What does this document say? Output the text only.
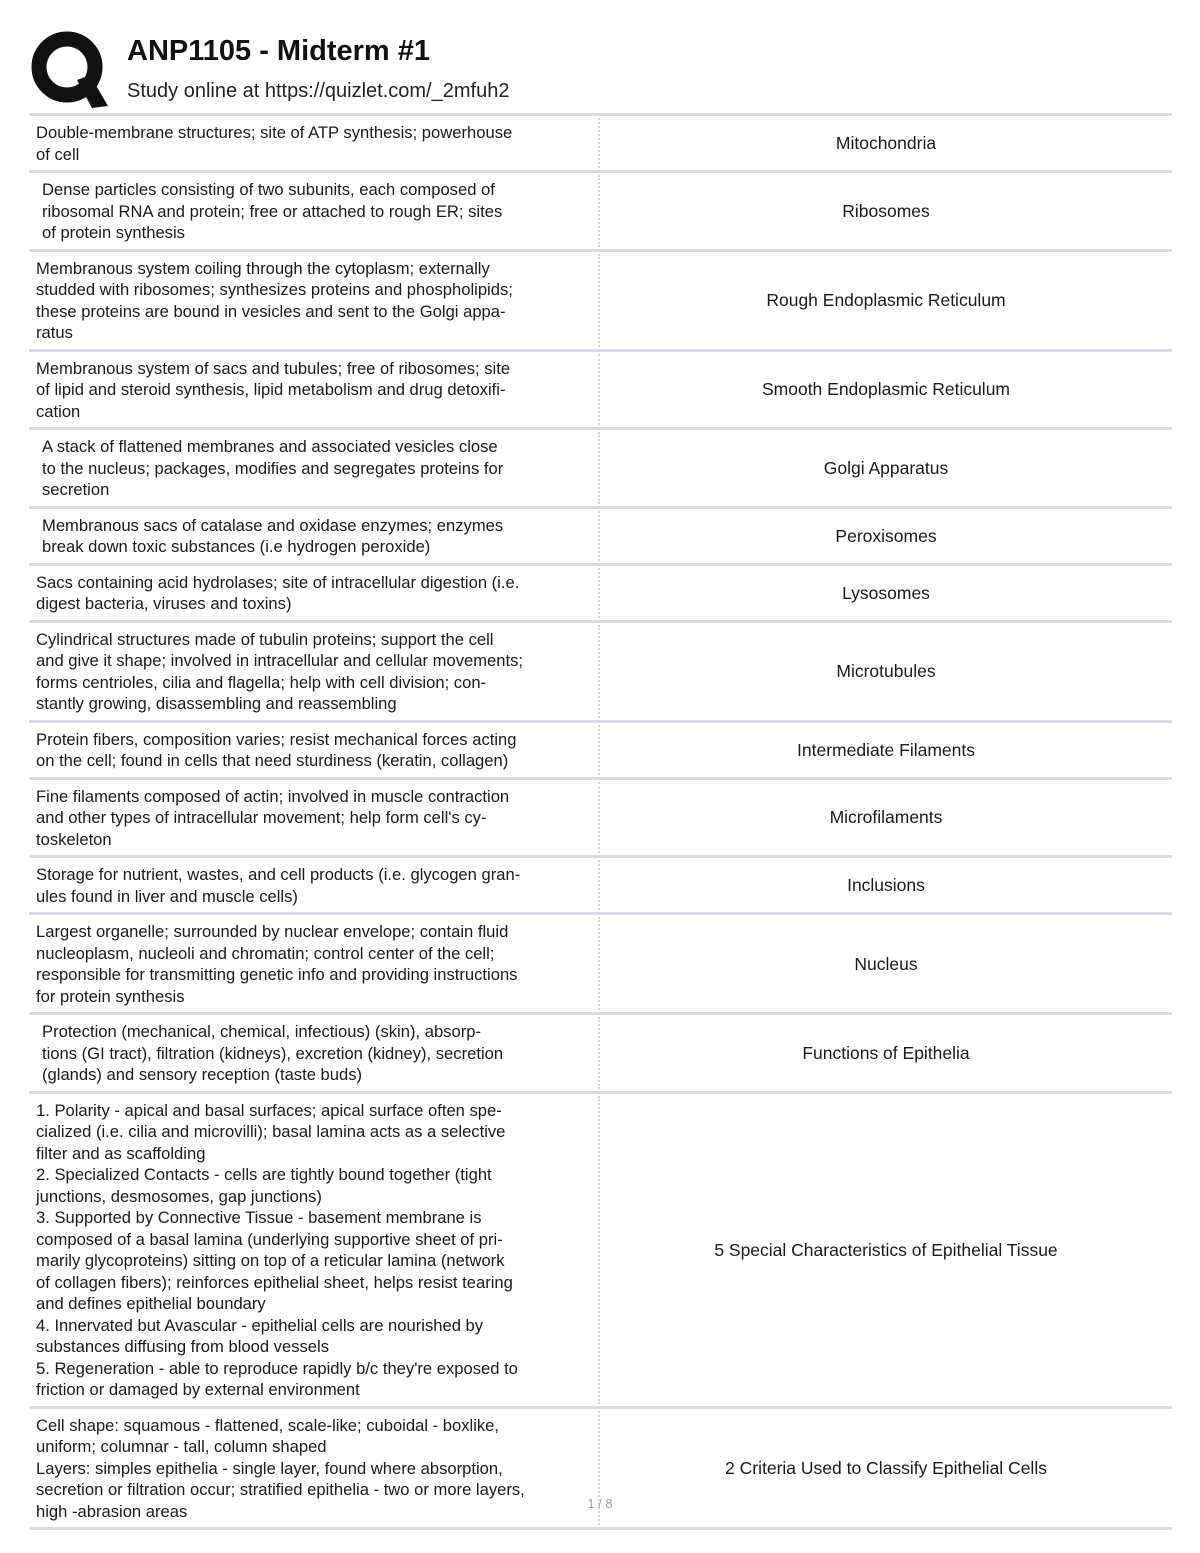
ANP1105 - Midterm #1
Study online at https://quizlet.com/_2mfuh2
Double-membrane structures; site of ATP synthesis; powerhouse
of cell
Mitochondria
Dense particles consisting of two subunits, each composed of
ribosomal RNA and protein; free or attached to rough ER; sites
of protein synthesis
Ribosomes
Membranous system coiling through the cytoplasm; externally
studded with ribosomes; synthesizes proteins and phospholipids;
these proteins are bound in vesicles and sent to the Golgi appa-
ratus
Rough Endoplasmic Reticulum
Membranous system of sacs and tubules; free of ribosomes; site
of lipid and steroid synthesis, lipid metabolism and drug detoxifi-
cation
Smooth Endoplasmic Reticulum
A stack of flattened membranes and associated vesicles close
to the nucleus; packages, modifies and segregates proteins for
secretion
Golgi Apparatus
Membranous sacs of catalase and oxidase enzymes; enzymes
break down toxic substances (i.e hydrogen peroxide)
Peroxisomes
Sacs containing acid hydrolases; site of intracellular digestion (i.e.
digest bacteria, viruses and toxins)
Lysosomes
Cylindrical structures made of tubulin proteins; support the cell
and give it shape; involved in intracellular and cellular movements;
forms centrioles, cilia and flagella; help with cell division; con-
stantly growing, disassembling and reassembling
Microtubules
Protein fibers, composition varies; resist mechanical forces acting
on the cell; found in cells that need sturdiness (keratin, collagen)
Intermediate Filaments
Fine filaments composed of actin; involved in muscle contraction
and other types of intracellular movement; help form cell's cy-
toskeleton
Microfilaments
Storage for nutrient, wastes, and cell products (i.e. glycogen gran-
ules found in liver and muscle cells)
Inclusions
Largest organelle; surrounded by nuclear envelope; contain fluid
nucleoplasm, nucleoli and chromatin; control center of the cell;
responsible for transmitting genetic info and providing instructions
for protein synthesis
Nucleus
Protection (mechanical, chemical, infectious) (skin), absorp-
tions (GI tract), filtration (kidneys), excretion (kidney), secretion
(glands) and sensory reception (taste buds)
Functions of Epithelia
1. Polarity - apical and basal surfaces; apical surface often spe-
cialized (i.e. cilia and microvilli); basal lamina acts as a selective
filter and as scaffolding
2. Specialized Contacts - cells are tightly bound together (tight
junctions, desmosomes, gap junctions)
3. Supported by Connective Tissue - basement membrane is
composed of a basal lamina (underlying supportive sheet of pri-
marily glycoproteins) sitting on top of a reticular lamina (network
of collagen fibers); reinforces epithelial sheet, helps resist tearing
and defines epithelial boundary
4. Innervated but Avascular - epithelial cells are nourished by
substances diffusing from blood vessels
5. Regeneration - able to reproduce rapidly b/c they're exposed to
friction or damaged by external environment
5 Special Characteristics of Epithelial Tissue
Cell shape: squamous - flattened, scale-like; cuboidal - boxlike,
uniform; columnar - tall, column shaped
Layers: simples epithelia - single layer, found where absorption,
secretion or filtration occur; stratified epithelia - two or more layers,
high -abrasion areas
2 Criteria Used to Classify Epithelial Cells
1 / 8
